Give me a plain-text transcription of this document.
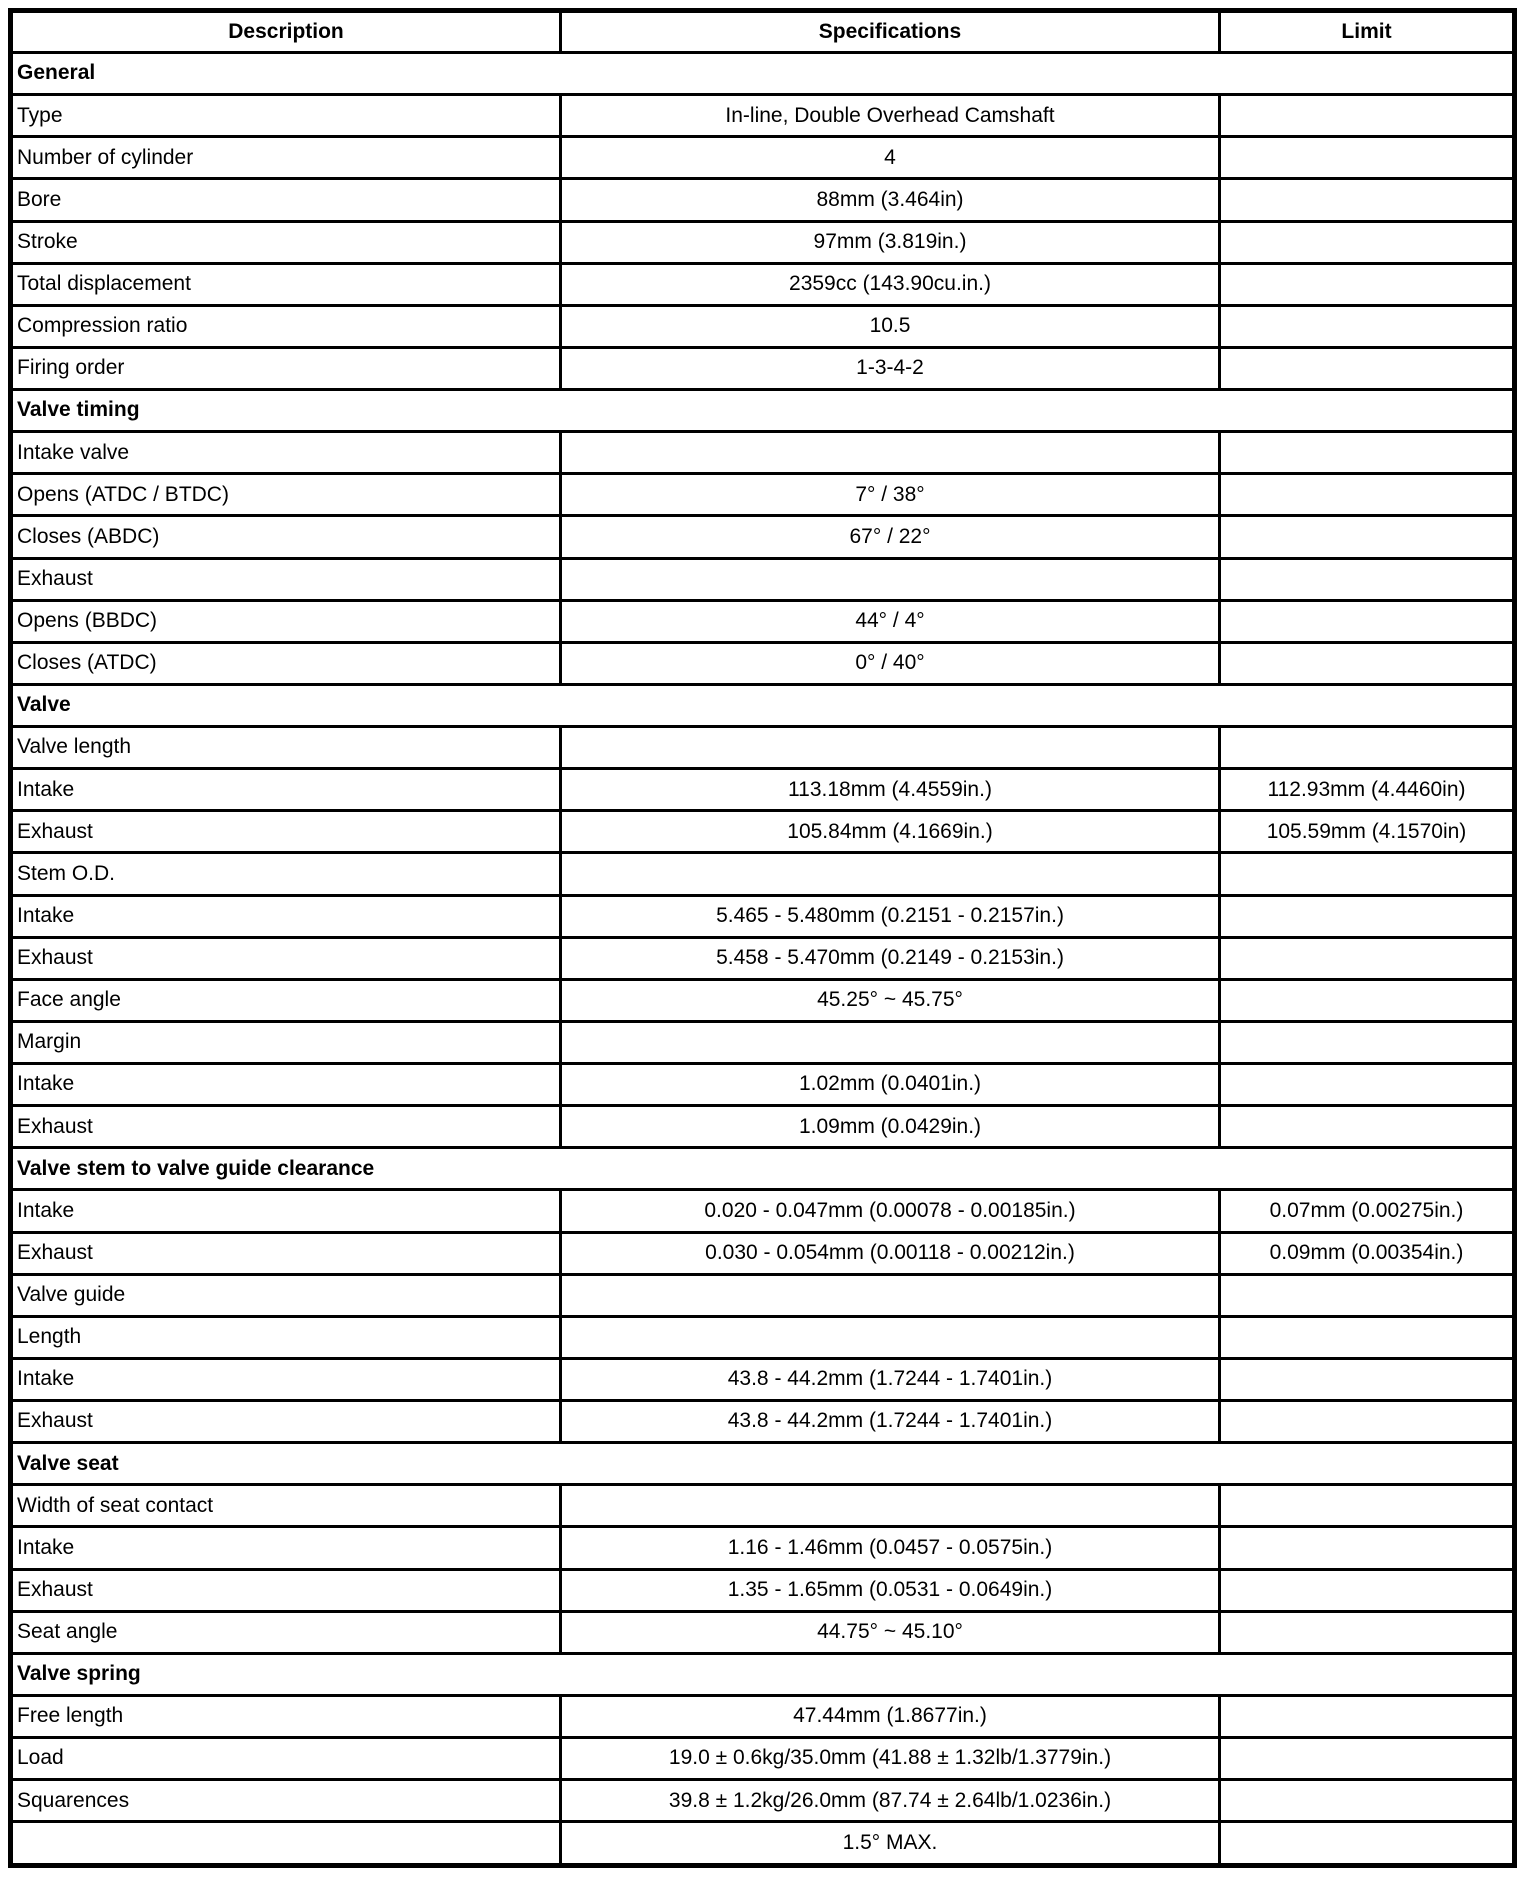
Description	Specifications	Limit
General		
Type	In-line, Double Overhead Camshaft	
Number of cylinder	4	
Bore	88mm (3.464in)	
Stroke	97mm (3.819in.)	
Total displacement	2359cc (143.90cu.in.)	
Compression ratio	10.5	
Firing order	1-3-4-2	
Valve timing		
Intake valve		
Opens (ATDC / BTDC)	7° / 38°	
Closes (ABDC)	67° / 22°	
Exhaust		
Opens (BBDC)	44° / 4°	
Closes (ATDC)	0° / 40°	
Valve		
Valve length		
Intake	113.18mm (4.4559in.)	112.93mm (4.4460in)
Exhaust	105.84mm (4.1669in.)	105.59mm (4.1570in)
Stem O.D.		
Intake	5.465 - 5.480mm (0.2151 - 0.2157in.)	
Exhaust	5.458 - 5.470mm (0.2149 - 0.2153in.)	
Face angle	45.25° ~ 45.75°	
Margin		
Intake	1.02mm (0.0401in.)	
Exhaust	1.09mm (0.0429in.)	
Valve stem to valve guide clearance		
Intake	0.020 - 0.047mm (0.00078 - 0.00185in.)	0.07mm (0.00275in.)
Exhaust	0.030 - 0.054mm (0.00118 - 0.00212in.)	0.09mm (0.00354in.)
Valve guide		
Length		
Intake	43.8 - 44.2mm (1.7244 - 1.7401in.)	
Exhaust	43.8 - 44.2mm (1.7244 - 1.7401in.)	
Valve seat		
Width of seat contact		
Intake	1.16 - 1.46mm (0.0457 - 0.0575in.)	
Exhaust	1.35 - 1.65mm (0.0531 - 0.0649in.)	
Seat angle	44.75° ~ 45.10°	
Valve spring		
Free length	47.44mm (1.8677in.)	
Load	19.0 ± 0.6kg/35.0mm (41.88 ± 1.32lb/1.3779in.)	
Squarences	39.8 ± 1.2kg/26.0mm (87.74 ± 2.64lb/1.0236in.)	
	1.5° MAX.	
